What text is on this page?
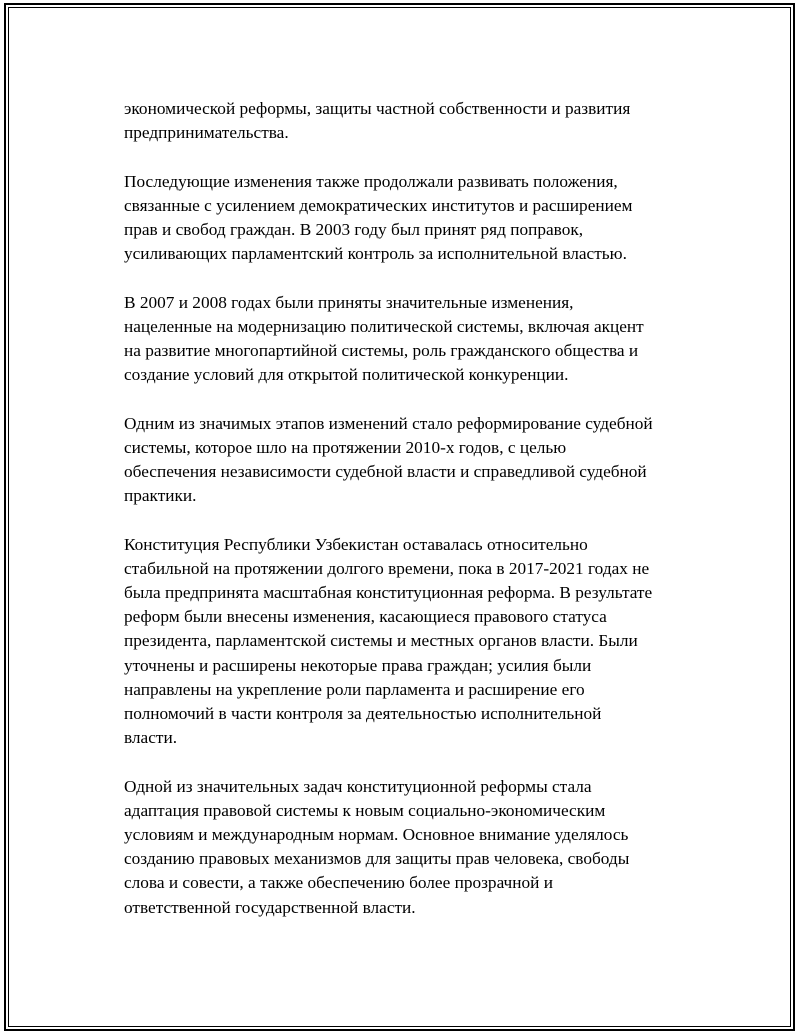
экономической реформы, защиты частной собственности и развития
предпринимательства.

Последующие изменения также продолжали развивать положения,
связанные с усилением демократических институтов и расширением
прав и свобод граждан. В 2003 году был принят ряд поправок,
усиливающих парламентский контроль за исполнительной властью.

В 2007 и 2008 годах были приняты значительные изменения,
нацеленные на модернизацию политической системы, включая акцент
на развитие многопартийной системы, роль гражданского общества и
создание условий для открытой политической конкуренции.

Одним из значимых этапов изменений стало реформирование судебной
системы, которое шло на протяжении 2010-х годов, с целью
обеспечения независимости судебной власти и справедливой судебной
практики.

Конституция Республики Узбекистан оставалась относительно
стабильной на протяжении долгого времени, пока в 2017-2021 годах не
была предпринята масштабная конституционная реформа. В результате
реформ были внесены изменения, касающиеся правового статуса
президента, парламентской системы и местных органов власти. Были
уточнены и расширены некоторые права граждан; усилия были
направлены на укрепление роли парламента и расширение его
полномочий в части контроля за деятельностью исполнительной
власти.

Одной из значительных задач конституционной реформы стала
адаптация правовой системы к новым социально-экономическим
условиям и международным нормам. Основное внимание уделялось
созданию правовых механизмов для защиты прав человека, свободы
слова и совести, а также обеспечению более прозрачной и
ответственной государственной власти.
